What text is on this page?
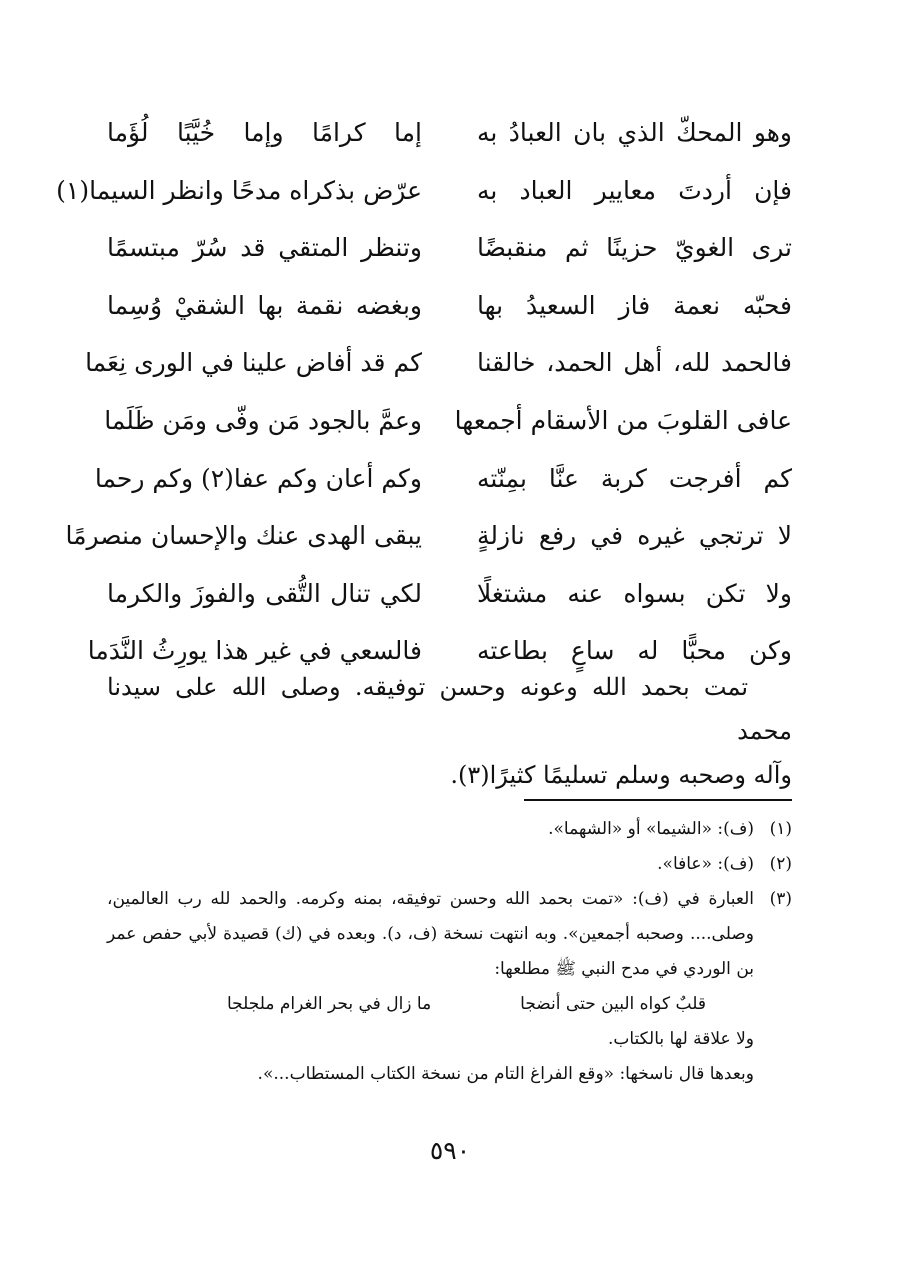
وهو المحكّ الذي بان العبادُ به
إما كرامًا وإما خُيَّبًا لُؤَما
فإن أردتَ معايير العباد به
عرّض بذكراه مدحًا وانظر السيما(١)
ترى الغويّ حزينًا ثم منقبضًا
وتنظر المتقي قد سُرّ مبتسمًا
فحبّه نعمة فاز السعيدُ بها
وبغضه نقمة بها الشقيْ وُسِما
فالحمد لله، أهل الحمد، خالقنا
كم قد أفاض علينا في الورى نِعَما
عافى القلوبَ من الأسقام أجمعها
وعمَّ بالجود مَن وفّى ومَن ظَلَما
كم أفرجت كربة عنَّا بمِنّته
وكم أعان وكم عفا(٢) وكم رحما
لا ترتجي غيره في رفع نازلةٍ
يبقى الهدى عنك والإحسان منصرمًا
ولا تكن بسواه عنه مشتغلًا
لكي تنال التُّقى والفوزَ والكرما
وكن محبًّا له ساعٍ بطاعته
فالسعي في غير هذا يورِثُ النَّدَما

تمت بحمد الله وعونه وحسن توفيقه. وصلى الله على سيدنا محمد

وآله وصحبه وسلم تسليمًا كثيرًا(٣).

(١)
(ف): «الشيما» أو «الشهما».
(٢)
(ف): «عافا».
(٣)
العبارة في (ف): «تمت بحمد الله وحسن توفيقه، بمنه وكرمه. والحمد لله رب العالمين، وصلى.... وصحبه أجمعين». وبه انتهت نسخة (ف، د). وبعده في (ك) قصيدة لأبي حفص عمر بن الوردي في مدح النبي ﷺ مطلعها:
قلبٌ كواه البين حتى أنضجا
ما زال في بحر الغرام ملجلجا
ولا علاقة لها بالكتاب.
وبعدها قال ناسخها: «وقع الفراغ التام من نسخة الكتاب المستطاب...».
٥٩٠
